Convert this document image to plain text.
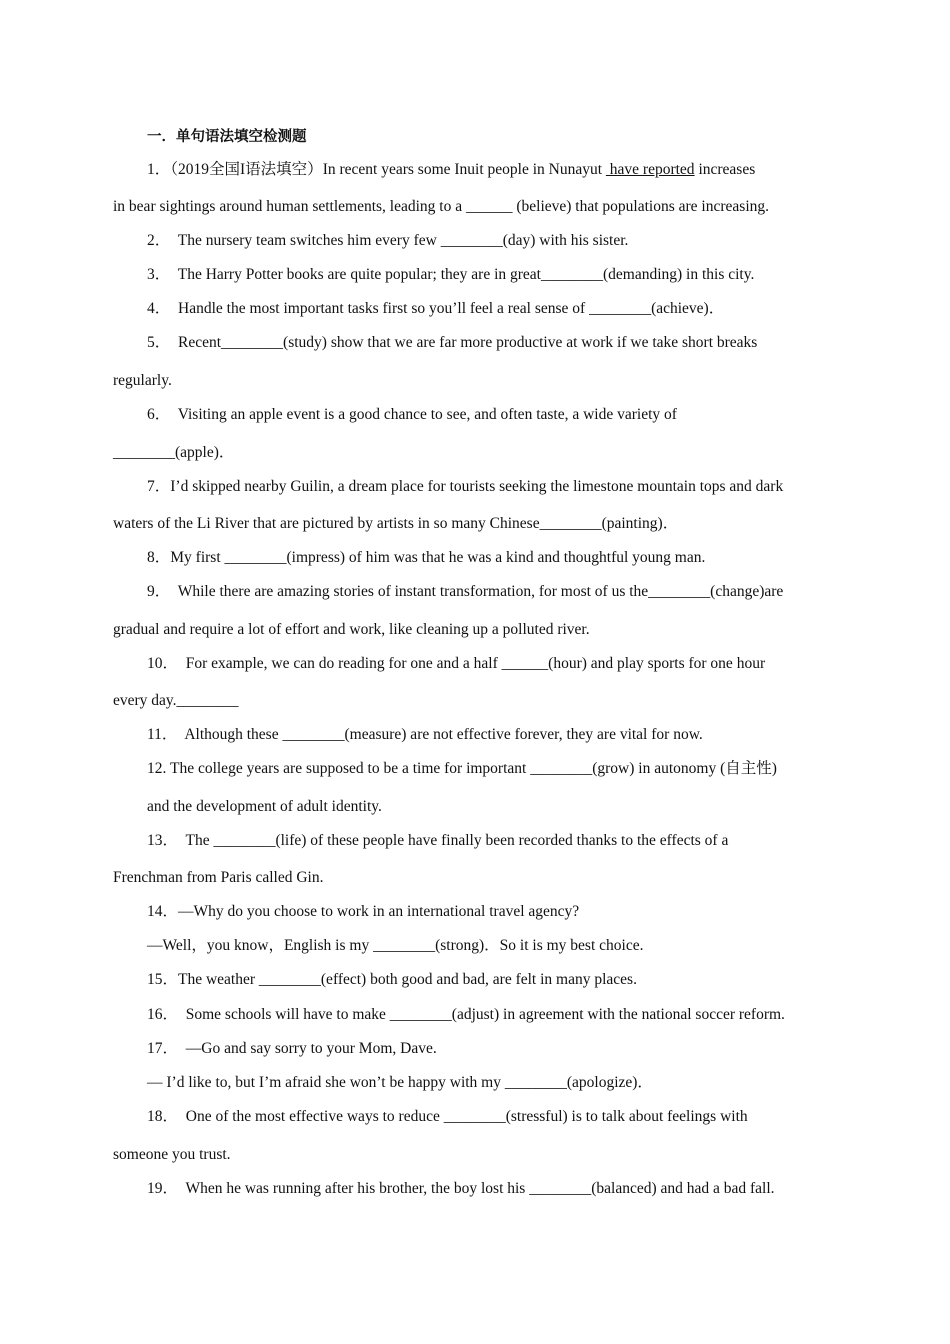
一．单句语法填空检测题
1．（2019全国I语法填空）In recent years some Inuit people in Nunayut  have reported increases
in bear sightings around human settlements, leading to a ______ (believe) that populations are increasing.
2．  The nursery team switches him every few ________(day) with his sister.
3．  The Harry Potter books are quite popular; they are in great________(demanding) in this city.
4．  Handle the most important tasks first so you’ll feel a real sense of ________(achieve)．
5．  Recent________(study) show that we are far more productive at work if we take short breaks
regularly.
6．  Visiting an apple event is a good chance to see, and often taste, a wide variety of
________(apple)．
7．I’d skipped nearby Guilin, a dream place for tourists seeking the limestone mountain tops and dark
waters of the Li River that are pictured by artists in so many Chinese________(painting)．
8．My first ________(impress) of him was that he was a kind and thoughtful young man.
9．  While there are amazing stories of instant transformation, for most of us the________(change)are
gradual and require a lot of effort and work, like cleaning up a polluted river.
10．  For example, we can do reading for one and a half ______(hour) and play sports for one hour
every day.________
11．  Although these ________(measure) are not effective forever, they are vital for now.
12. The college years are supposed to be a time for important ________(grow) in autonomy (自主性)
and the development of adult identity.
13．  The ________(life) of these people have finally been recorded thanks to the effects of a
Frenchman from Paris called Gin.
14．—Why do you choose to work in an international travel agency?
—Well，you know，English is my ________(strong)．So it is my best choice.
15．The weather ________(effect) both good and bad, are felt in many places.
16．  Some schools will have to make ________(adjust) in agreement with the national soccer reform.
17．  —Go and say sorry to your Mom, Dave.
— I’d like to, but I’m afraid she won’t be happy with my ________(apologize)．
18．  One of the most effective ways to reduce ________(stressful) is to talk about feelings with
someone you trust.
19．  When he was running after his brother, the boy lost his ________(balanced) and had a bad fall.
